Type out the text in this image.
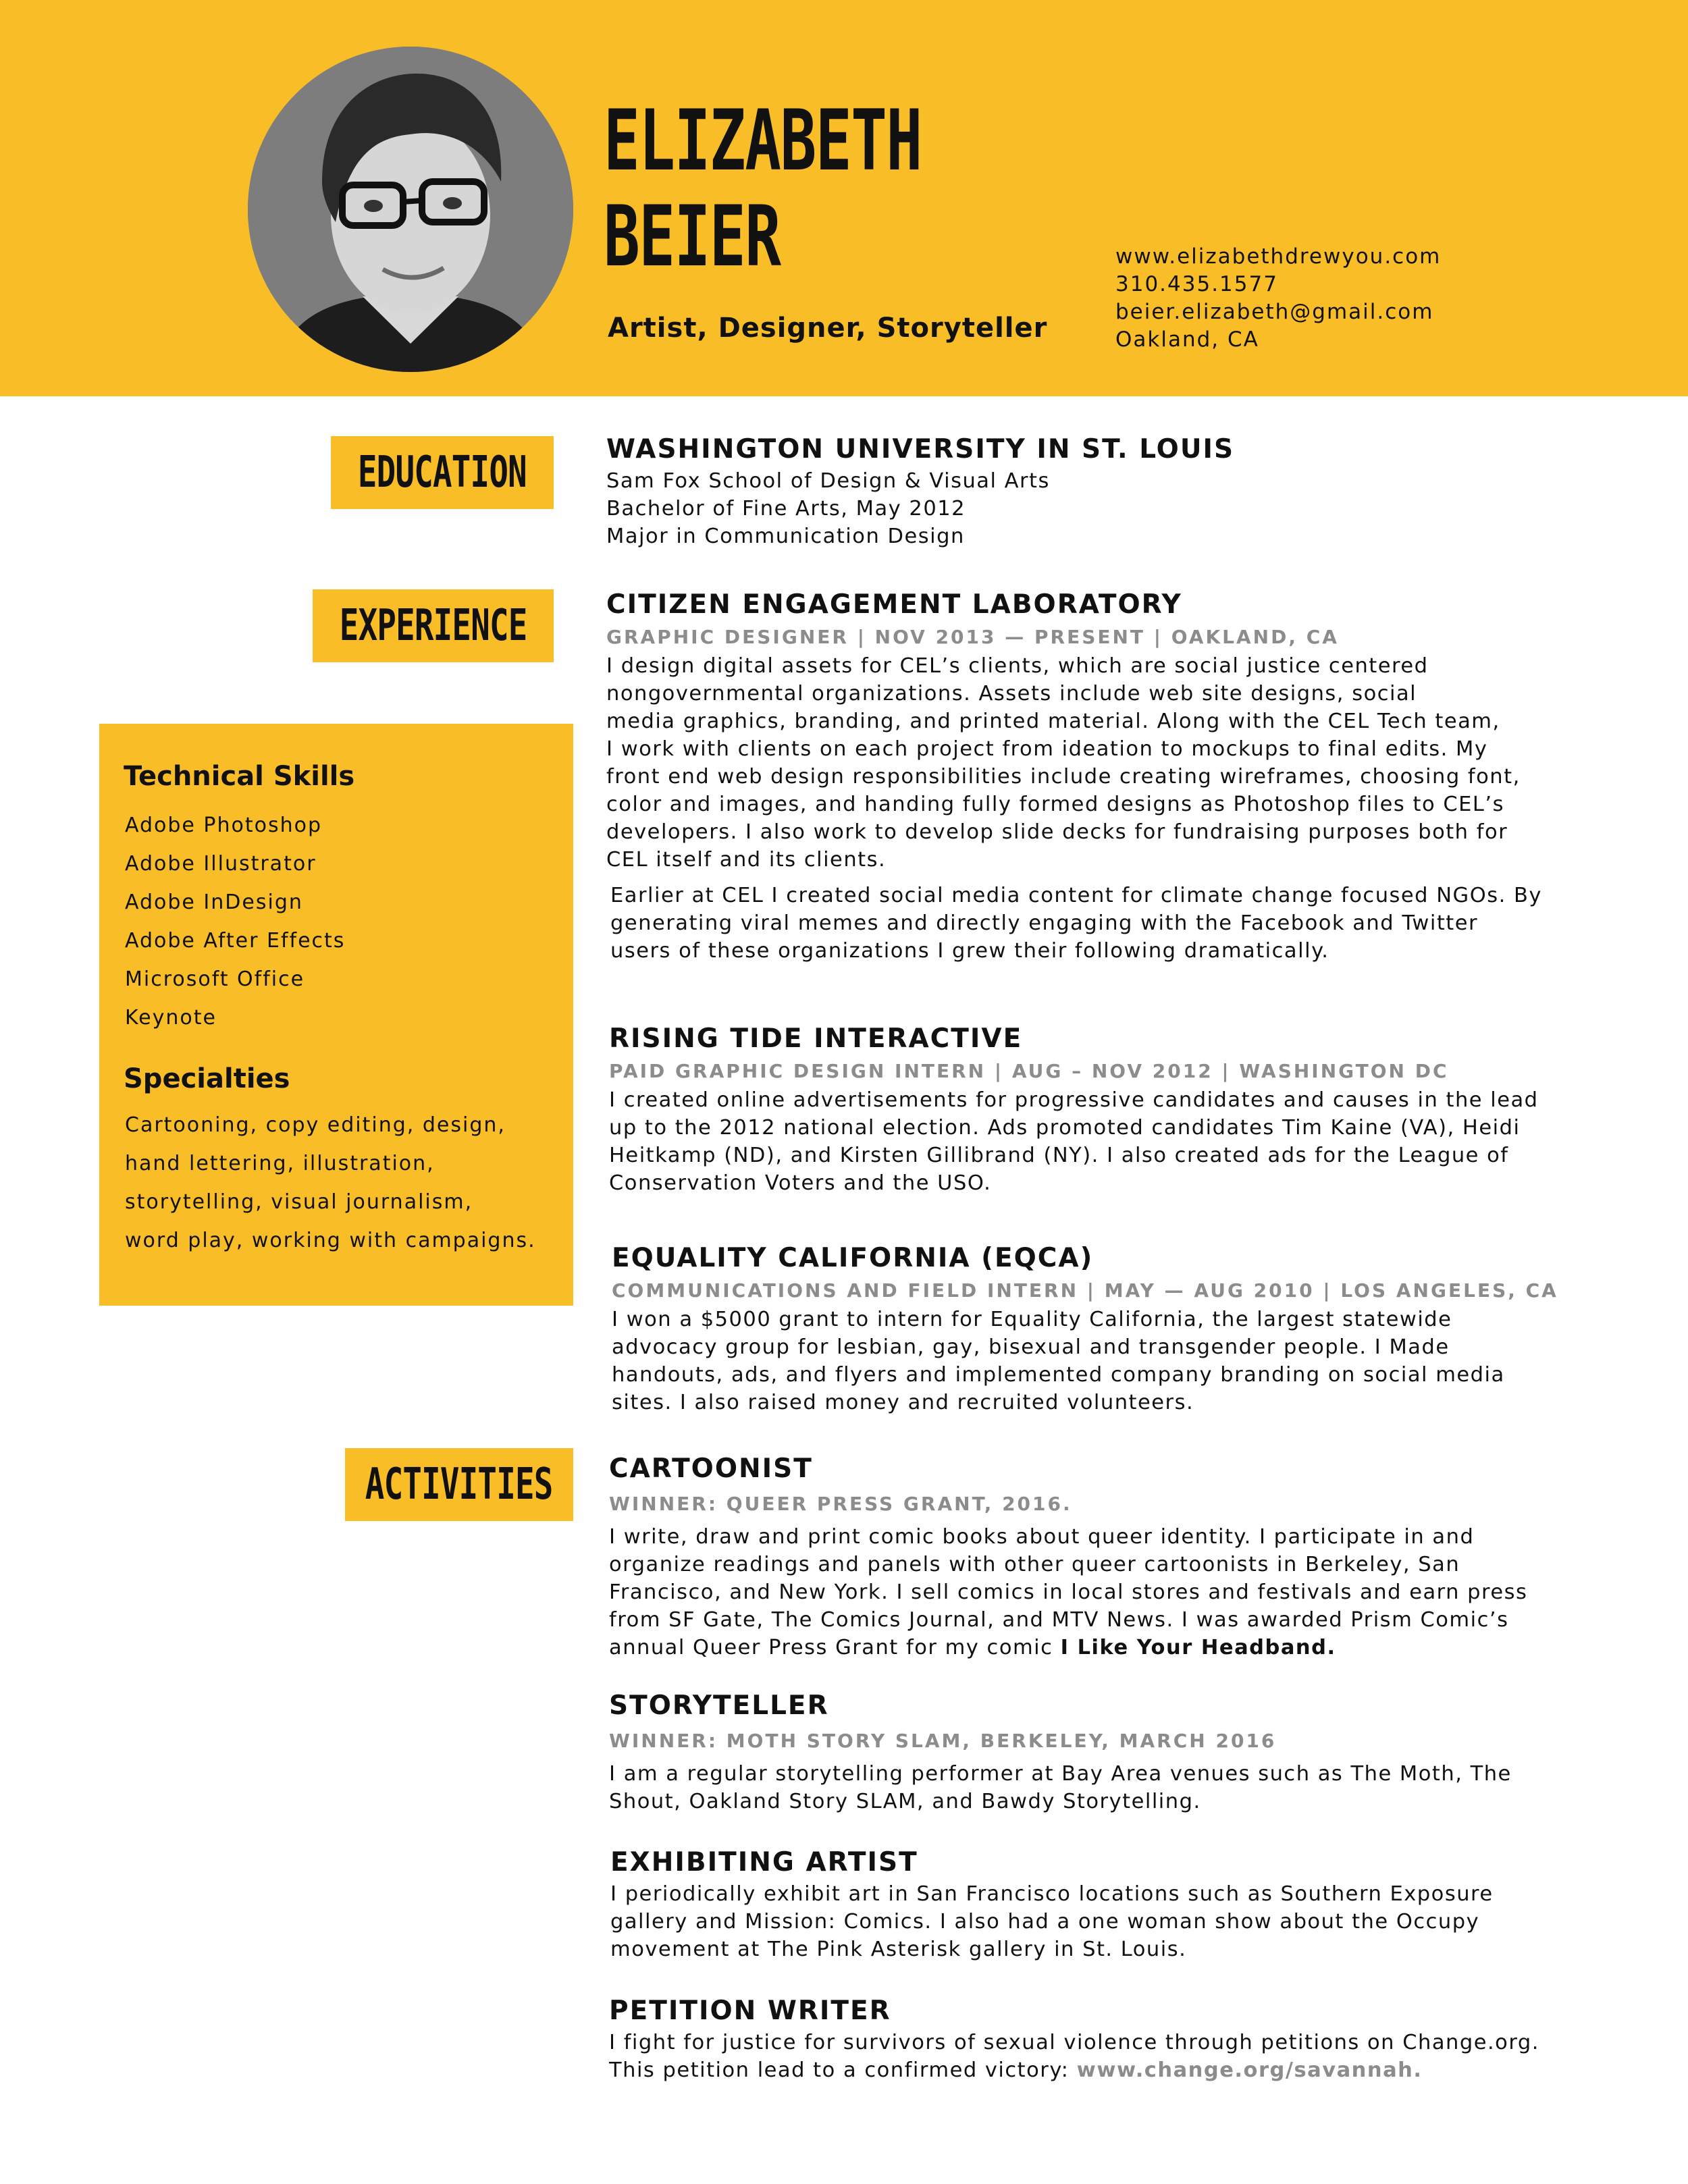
ELIZABETH
BEIER
Artist, Designer, Storyteller
www.elizabethdrewyou.com
310.435.1577
beier.elizabeth@gmail.com
Oakland, CA
EDUCATION
EXPERIENCE
ACTIVITIES
Technical Skills
Adobe Photoshop
Adobe Illustrator
Adobe InDesign
Adobe After Effects
Microsoft Office
Keynote
Specialties
Cartooning, copy editing, design,
hand lettering, illustration,
storytelling, visual journalism,
word play, working with campaigns.
WASHINGTON UNIVERSITY IN ST. LOUIS
Sam Fox School of Design & Visual Arts
Bachelor of Fine Arts, May 2012
Major in Communication Design
CITIZEN ENGAGEMENT LABORATORY
GRAPHIC DESIGNER | NOV 2013 — PRESENT | OAKLAND, CA
I design digital assets for CEL’s clients, which are social justice centered
nongovernmental organizations. Assets include web site designs, social
media graphics, branding, and printed material. Along with the CEL Tech team,
I work with clients on each project from ideation to mockups to final edits. My
front end web design responsibilities include creating wireframes, choosing font,
color and images, and handing fully formed designs as Photoshop files to CEL’s
developers. I also work to develop slide decks for fundraising purposes both for
CEL itself and its clients.
Earlier at CEL I created social media content for climate change focused NGOs. By
generating viral memes and directly engaging with the Facebook and Twitter
users of these organizations I grew their following dramatically.
RISING TIDE INTERACTIVE
PAID GRAPHIC DESIGN INTERN | AUG – NOV 2012 | WASHINGTON DC
I created online advertisements for progressive candidates and causes in the lead
up to the 2012 national election. Ads promoted candidates Tim Kaine (VA), Heidi
Heitkamp (ND), and Kirsten Gillibrand (NY). I also created ads for the League of
Conservation Voters and the USO.
EQUALITY CALIFORNIA (EQCA)
COMMUNICATIONS AND FIELD INTERN | MAY — AUG 2010 | LOS ANGELES, CA
I won a $5000 grant to intern for Equality California, the largest statewide
advocacy group for lesbian, gay, bisexual and transgender people. I Made
handouts, ads, and flyers and implemented company branding on social media
sites. I also raised money and recruited volunteers.
CARTOONIST
WINNER: QUEER PRESS GRANT, 2016.
I write, draw and print comic books about queer identity. I participate in and
organize readings and panels with other queer cartoonists in Berkeley, San
Francisco, and New York. I sell comics in local stores and festivals and earn press
from SF Gate, The Comics Journal, and MTV News. I was awarded Prism Comic’s
annual Queer Press Grant for my comic I Like Your Headband.
STORYTELLER
WINNER: MOTH STORY SLAM, BERKELEY, MARCH 2016
I am a regular storytelling performer at Bay Area venues such as The Moth, The
Shout, Oakland Story SLAM, and Bawdy Storytelling.
EXHIBITING ARTIST
I periodically exhibit art in San Francisco locations such as Southern Exposure
gallery and Mission: Comics. I also had a one woman show about the Occupy
movement at The Pink Asterisk gallery in St. Louis.
PETITION WRITER
I fight for justice for survivors of sexual violence through petitions on Change.org.
This petition lead to a confirmed victory: www.change.org/savannah.
